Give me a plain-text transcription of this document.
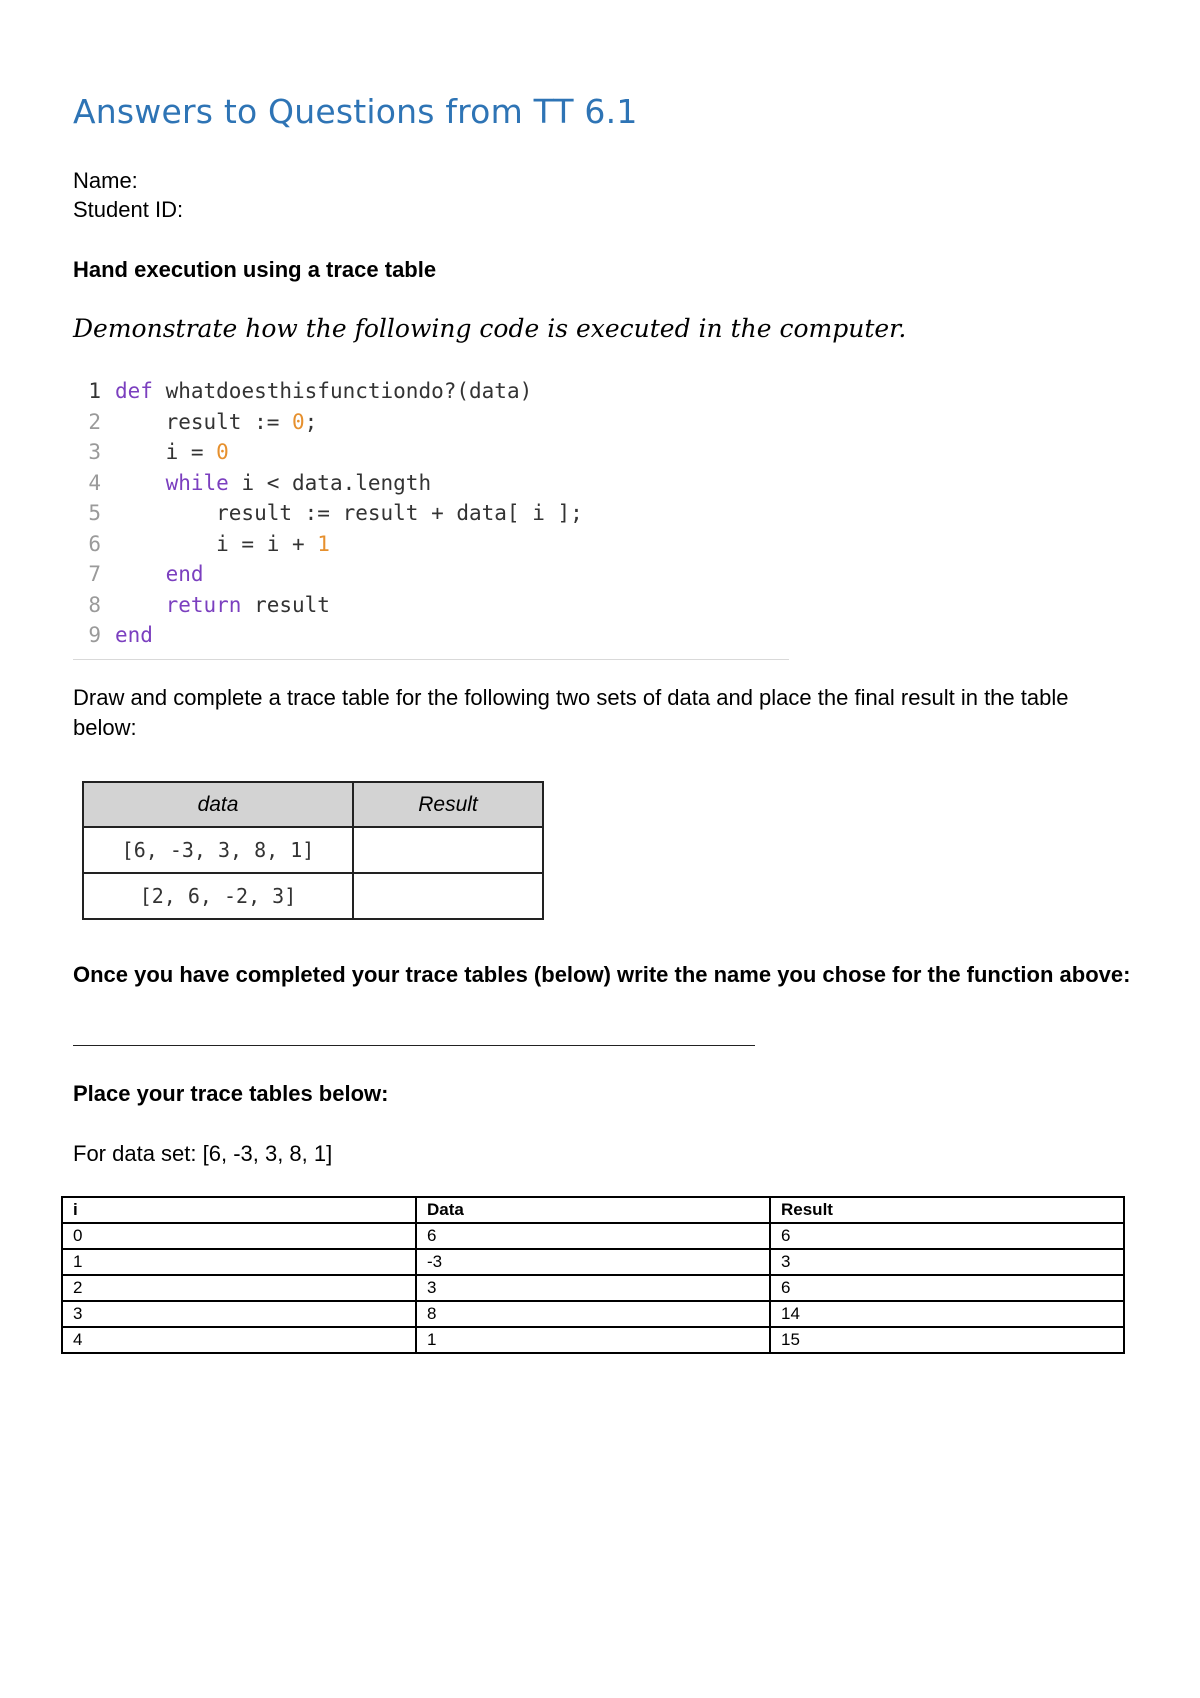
Answers to Questions from TT 6.1
Name:
Student ID:
Hand execution using a trace table

Demonstrate how the following code is executed in the computer.

1 def whatdoesthisfunctiondo?(data)
2    result := 0;
3    i = 0
4	while i < data.length
5        result := result + data[ i ];
6        i = i + 1
7	end
8	return result
9 end

Draw and complete a trace table for the following two sets of data and place the final result in the table below:

data	Result
[6, -3, 3, 8, 1]	
[2, 6, -2, 3]	

Once you have completed your trace tables (below) write the name you chose for the function above:

Place your trace tables below:

For data set: [6, -3, 3, 8, 1]
i	Data	Result
0	6	6
1	-3	3
2	3	6
3	8	14
4	1	15
